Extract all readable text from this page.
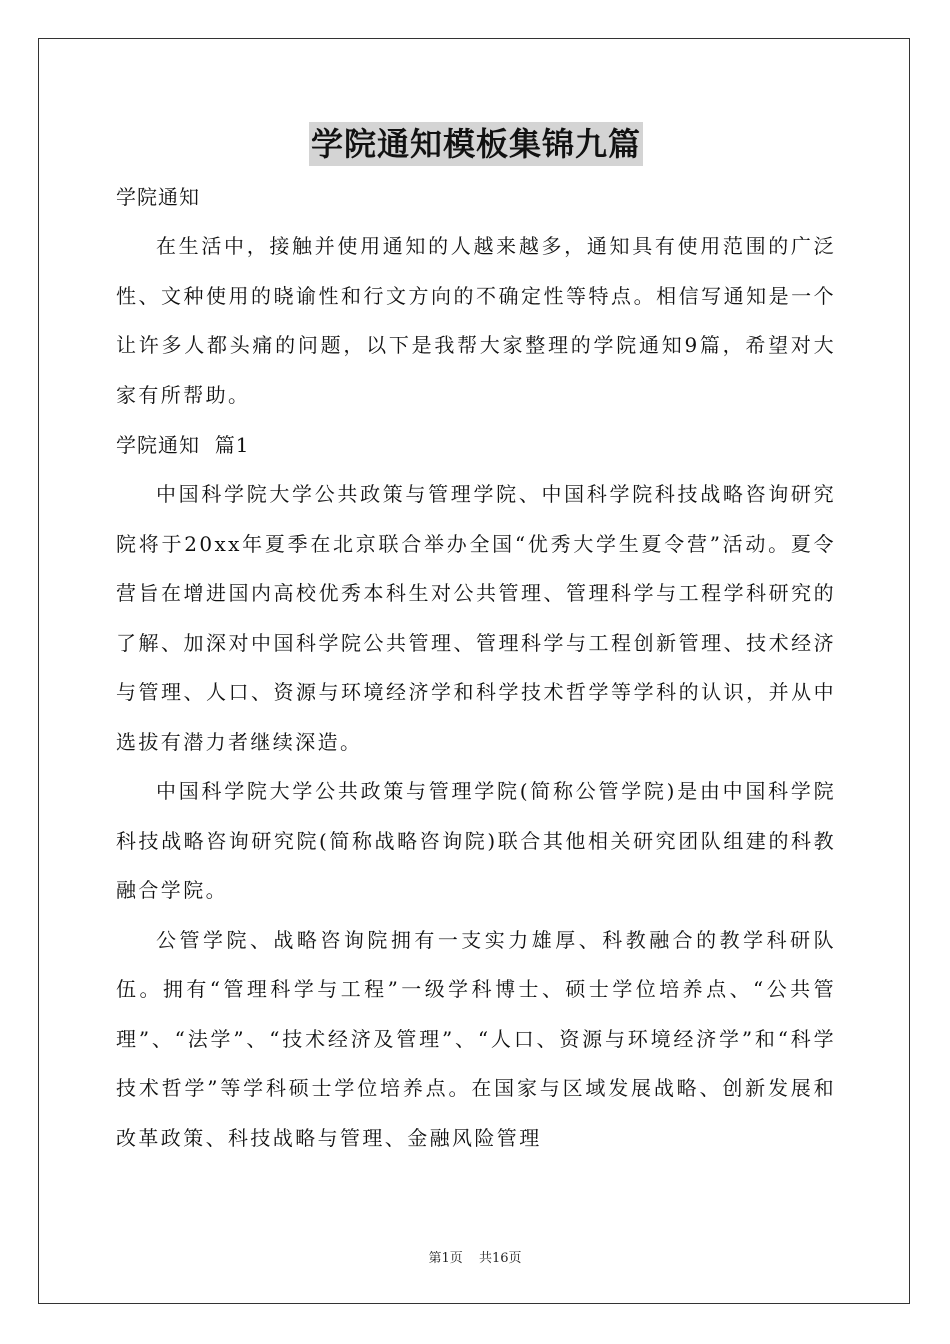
学院通知模板集锦九篇

学院通知

在生活中，接触并使用通知的人越来越多，通知具有使用范围的广泛性、文种使用的晓谕性和行文方向的不确定性等特点。相信写通知是一个让许多人都头痛的问题，以下是我帮大家整理的学院通知9篇，希望对大家有所帮助。

学院通知  篇1

中国科学院大学公共政策与管理学院、中国科学院科技战略咨询研究院将于20xx年夏季在北京联合举办全国“优秀大学生夏令营”活动。夏令营旨在增进国内高校优秀本科生对公共管理、管理科学与工程学科研究的了解、加深对中国科学院公共管理、管理科学与工程创新管理、技术经济与管理、人口、资源与环境经济学和科学技术哲学等学科的认识，并从中选拔有潜力者继续深造。

中国科学院大学公共政策与管理学院(简称公管学院)是由中国科学院科技战略咨询研究院(简称战略咨询院)联合其他相关研究团队组建的科教融合学院。

公管学院、战略咨询院拥有一支实力雄厚、科教融合的教学科研队伍。拥有“管理科学与工程”一级学科博士、硕士学位培养点、“公共管理”、“法学”、“技术经济及管理”、“人口、资源与环境经济学”和“科学技术哲学”等学科硕士学位培养点。在国家与区域发展战略、创新发展和改革政策、科技战略与管理、金融风险管理

第1页 共16页
